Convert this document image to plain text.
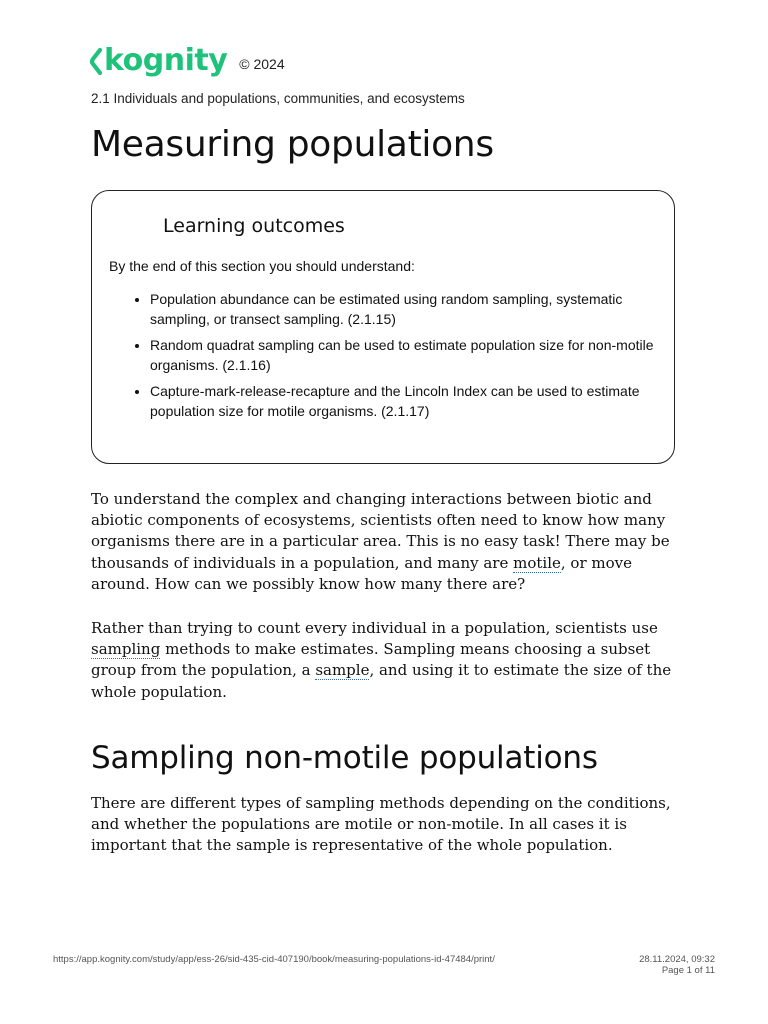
kognity © 2024
2.1 Individuals and populations, communities, and ecosystems
Measuring populations
Learning outcomes
By the end of this section you should understand:
• Population abundance can be estimated using random sampling, systematic sampling, or transect sampling. (2.1.15)
• Random quadrat sampling can be used to estimate population size for non-motile organisms. (2.1.16)
• Capture-mark-release-recapture and the Lincoln Index can be used to estimate population size for motile organisms. (2.1.17)

To understand the complex and changing interactions between biotic and abiotic components of ecosystems, scientists often need to know how many organisms there are in a particular area. This is no easy task! There may be thousands of individuals in a population, and many are motile, or move around. How can we possibly know how many there are?

Rather than trying to count every individual in a population, scientists use sampling methods to make estimates. Sampling means choosing a subset group from the population, a sample, and using it to estimate the size of the whole population.

Sampling non-motile populations

There are different types of sampling methods depending on the conditions, and whether the populations are motile or non-motile. In all cases it is important that the sample is representative of the whole population.

https://app.kognity.com/study/app/ess-26/sid-435-cid-407190/book/measuring-populations-id-47484/print/	28.11.2024, 09:32
Page 1 of 11
